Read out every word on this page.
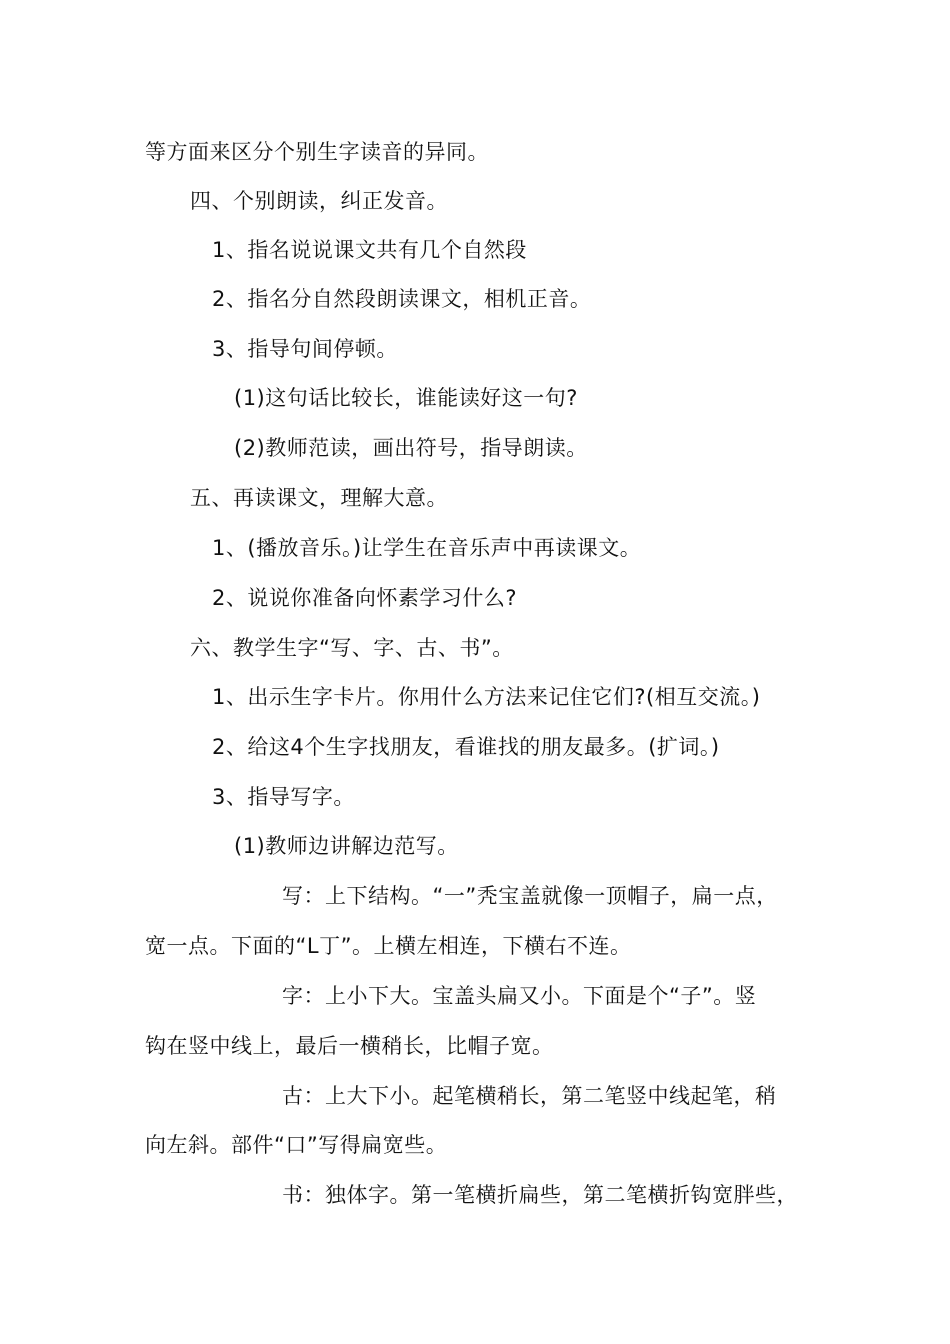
等方面来区分个别生字读音的异同。
四、个别朗读，纠正发音。
1、指名说说课文共有几个自然段
2、指名分自然段朗读课文，相机正音。
3、指导句间停顿。
(1)这句话比较长，谁能读好这一句?
(2)教师范读，画出符号，指导朗读。
五、再读课文，理解大意。
1、(播放音乐。)让学生在音乐声中再读课文。
2、说说你准备向怀素学习什么?
六、教学生字“写、字、古、书”。
1、出示生字卡片。你用什么方法来记住它们?(相互交流。)
2、给这4个生字找朋友，看谁找的朋友最多。(扩词。)
3、指导写字。
(1)教师边讲解边范写。
写：上下结构。“一”秃宝盖就像一顶帽子，扁一点，
宽一点。下面的“L丁”。上横左相连，下横右不连。
字：上小下大。宝盖头扁又小。下面是个“子”。竖
钩在竖中线上，最后一横稍长，比帽子宽。
古：上大下小。起笔横稍长，第二笔竖中线起笔，稍
向左斜。部件“口”写得扁宽些。
书：独体字。第一笔横折扁些，第二笔横折钩宽胖些，
